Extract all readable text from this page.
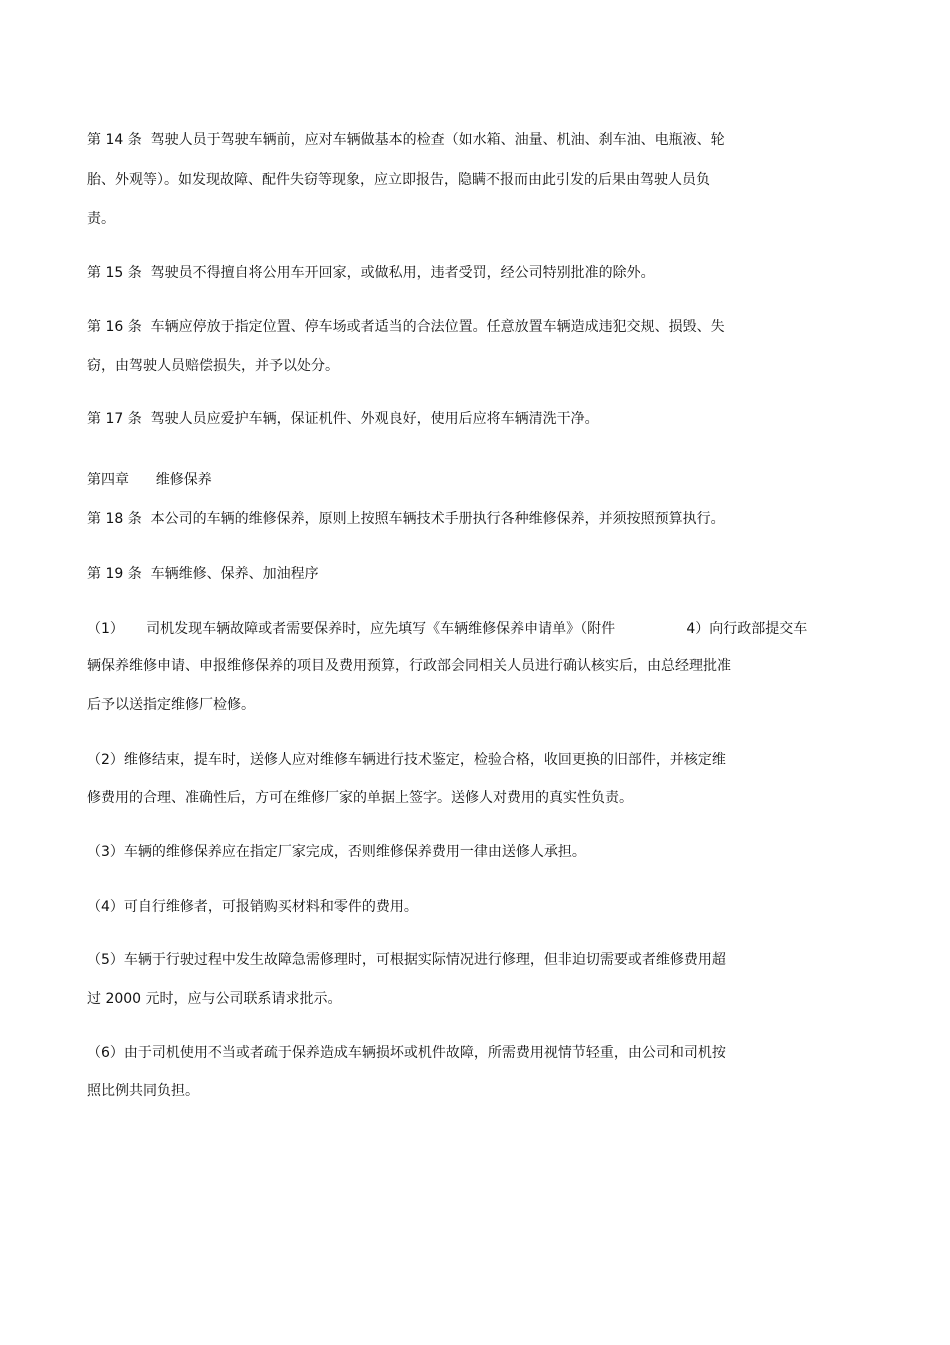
第 14 条  驾驶人员于驾驶车辆前，应对车辆做基本的检查（如水箱、油量、机油、刹车油、电瓶液、轮
胎、外观等）。如发现故障、配件失窃等现象，应立即报告，隐瞒不报而由此引发的后果由驾驶人员负
责。
第 15 条  驾驶员不得擅自将公用车开回家，或做私用，违者受罚，经公司特别批准的除外。
第 16 条  车辆应停放于指定位置、停车场或者适当的合法位置。任意放置车辆造成违犯交规、损毁、失
窃，由驾驶人员赔偿损失，并予以处分。
第 17 条  驾驶人员应爱护车辆，保证机件、外观良好，使用后应将车辆清洗干净。
第四章      维修保养
第 18 条  本公司的车辆的维修保养，原则上按照车辆技术手册执行各种维修保养，并须按照预算执行。
第 19 条  车辆维修、保养、加油程序
（1）     司机发现车辆故障或者需要保养时，应先填写《车辆维修保养申请单》（附件                4）向行政部提交车
辆保养维修申请、申报维修保养的项目及费用预算，行政部会同相关人员进行确认核实后，由总经理批准
后予以送指定维修厂检修。
（2）维修结束，提车时，送修人应对维修车辆进行技术鉴定，检验合格，收回更换的旧部件，并核定维
修费用的合理、准确性后，方可在维修厂家的单据上签字。送修人对费用的真实性负责。
（3）车辆的维修保养应在指定厂家完成，否则维修保养费用一律由送修人承担。
（4）可自行维修者，可报销购买材料和零件的费用。
（5）车辆于行驶过程中发生故障急需修理时，可根据实际情况进行修理，但非迫切需要或者维修费用超
过 2000 元时，应与公司联系请求批示。
（6）由于司机使用不当或者疏于保养造成车辆损坏或机件故障，所需费用视情节轻重，由公司和司机按
照比例共同负担。
